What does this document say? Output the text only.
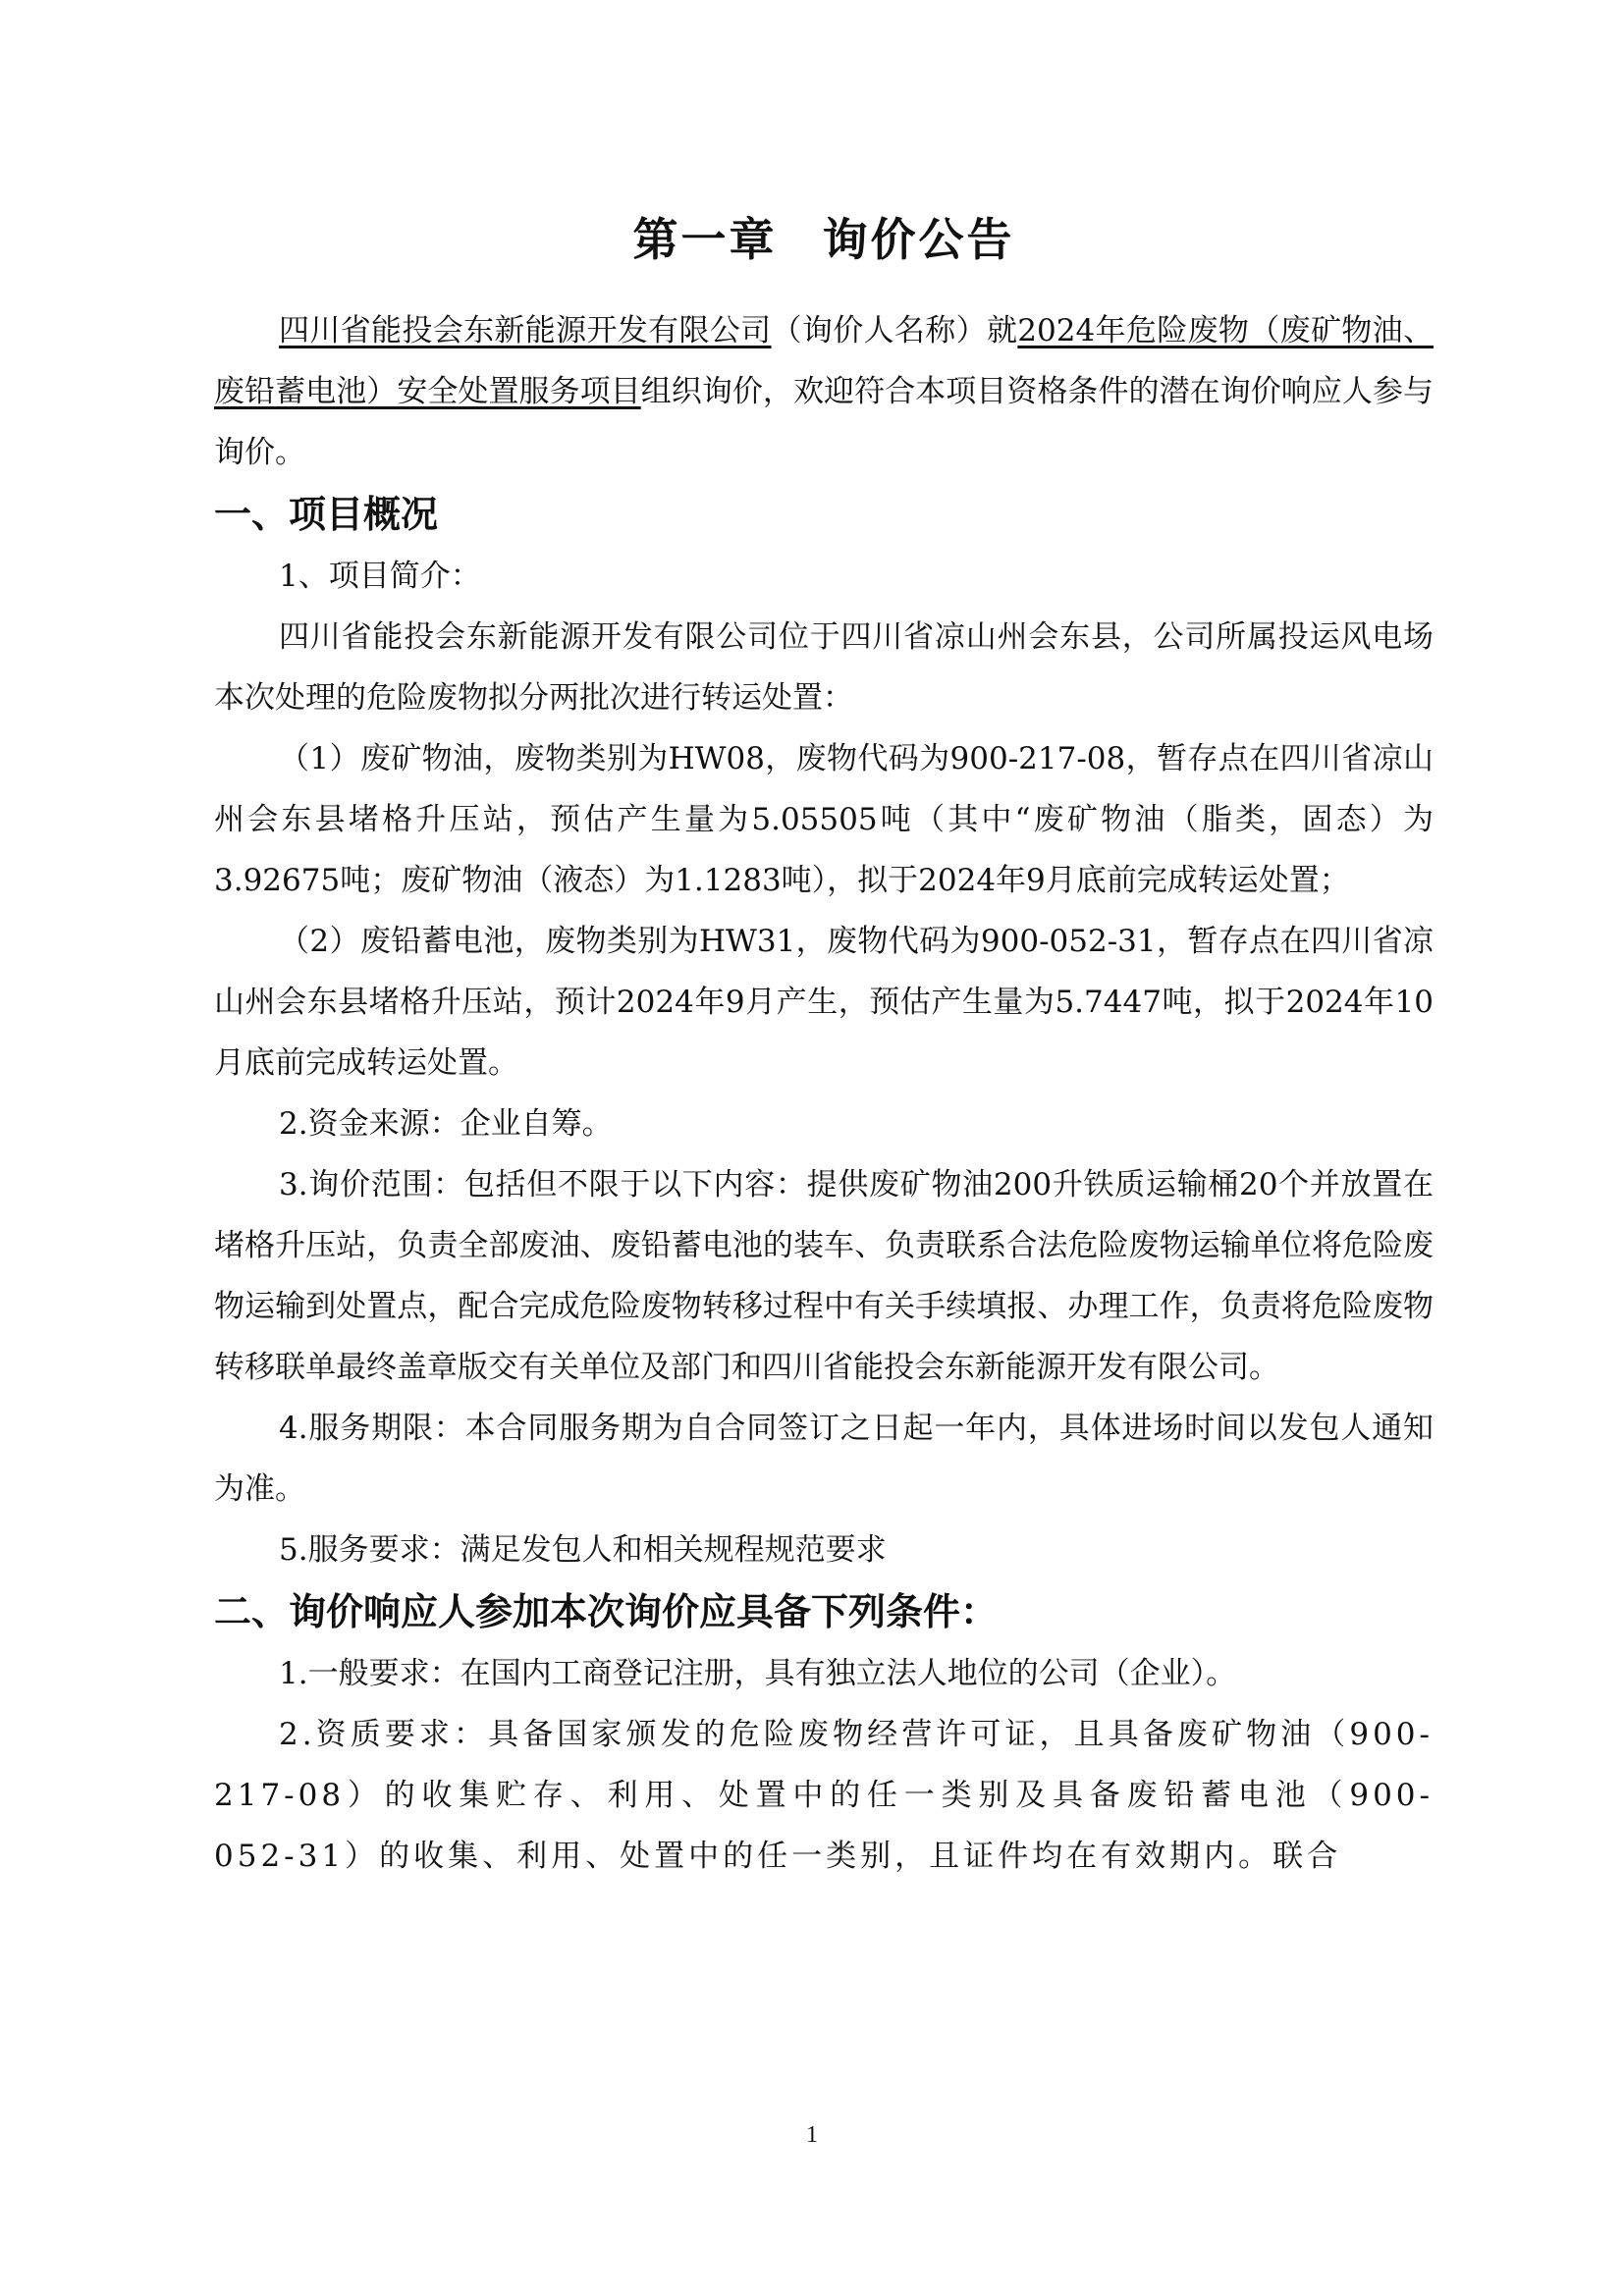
第一章 询价公告

四川省能投会东新能源开发有限公司（询价人名称）就2024年危险废物（废矿物油、废铅蓄电池）安全处置服务项目组织询价，欢迎符合本项目资格条件的潜在询价响应人参与询价。

一、项目概况

1、项目简介：

四川省能投会东新能源开发有限公司位于四川省凉山州会东县，公司所属投运风电场本次处理的危险废物拟分两批次进行转运处置：

（1）废矿物油，废物类别为HW08，废物代码为900-217-08，暂存点在四川省凉山州会东县堵格升压站，预估产生量为5.05505吨（其中“废矿物油（脂类，固态）为3.92675吨；废矿物油（液态）为1.1283吨），拟于2024年9月底前完成转运处置；

（2）废铅蓄电池，废物类别为HW31，废物代码为900-052-31，暂存点在四川省凉山州会东县堵格升压站，预计2024年9月产生，预估产生量为5.7447吨，拟于2024年10月底前完成转运处置。

2.资金来源：企业自筹。

3.询价范围：包括但不限于以下内容：提供废矿物油200升铁质运输桶20个并放置在堵格升压站，负责全部废油、废铅蓄电池的装车、负责联系合法危险废物运输单位将危险废物运输到处置点，配合完成危险废物转移过程中有关手续填报、办理工作，负责将危险废物转移联单最终盖章版交有关单位及部门和四川省能投会东新能源开发有限公司。

4.服务期限：本合同服务期为自合同签订之日起一年内，具体进场时间以发包人通知为准。

5.服务要求：满足发包人和相关规程规范要求

二、询价响应人参加本次询价应具备下列条件：

1.一般要求：在国内工商登记注册，具有独立法人地位的公司（企业）。

2.资质要求：具备国家颁发的危险废物经营许可证，且具备废矿物油（900-217-08）的收集贮存、利用、处置中的任一类别及具备废铅蓄电池（900-052-31）的收集、利用、处置中的任一类别，且证件均在有效期内。联合

1
